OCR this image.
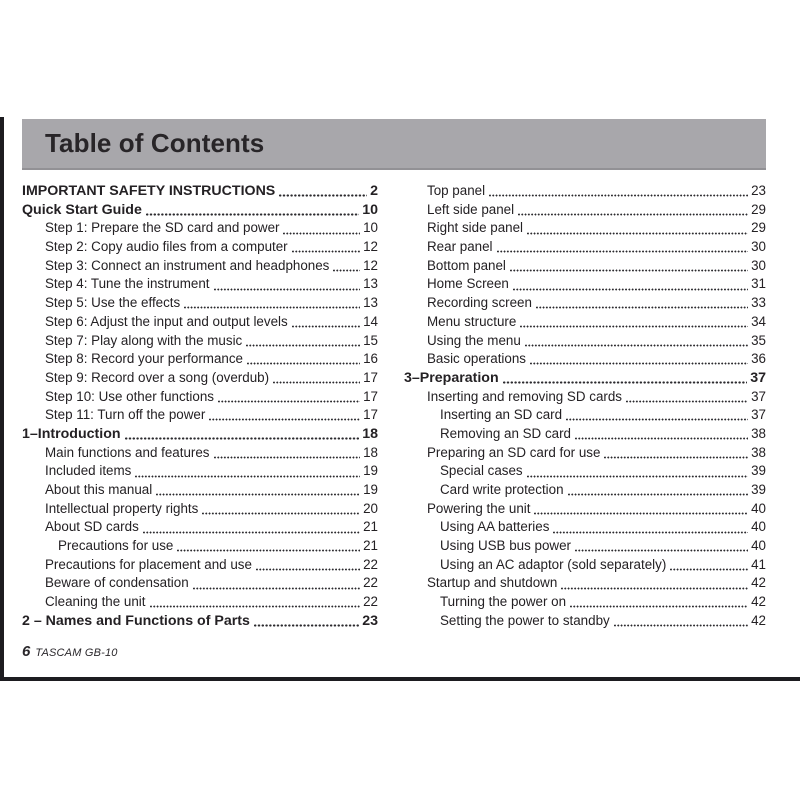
Table of Contents
IMPORTANT SAFETY INSTRUCTIONS	2
Quick Start Guide	10
Step 1: Prepare the SD card and power	10
Step 2: Copy audio files from a computer	12
Step 3: Connect an instrument and headphones	12
Step 4: Tune the instrument	13
Step 5: Use the effects	13
Step 6: Adjust the input and output levels	14
Step 7: Play along with the music	15
Step 8: Record your performance	16
Step 9: Record over a song (overdub)	17
Step 10: Use other functions	17
Step 11: Turn off the power	17
1–Introduction	18
Main functions and features	18
Included items	19
About this manual	19
Intellectual property rights	20
About SD cards	21
Precautions for use	21
Precautions for placement and use	22
Beware of condensation	22
Cleaning the unit	22
2 – Names and Functions of Parts	23
Top panel	23
Left side panel	29
Right side panel	29
Rear panel	30
Bottom panel	30
Home Screen	31
Recording screen	33
Menu structure	34
Using the menu	35
Basic operations	36
3–Preparation	37
Inserting and removing SD cards	37
Inserting an SD card	37
Removing an SD card	38
Preparing an SD card for use	38
Special cases	39
Card write protection	39
Powering the unit	40
Using AA batteries	40
Using USB bus power	40
Using an AC adaptor (sold separately)	41
Startup and shutdown	42
Turning the power on	42
Setting the power to standby	42
6 TASCAM GB-10
